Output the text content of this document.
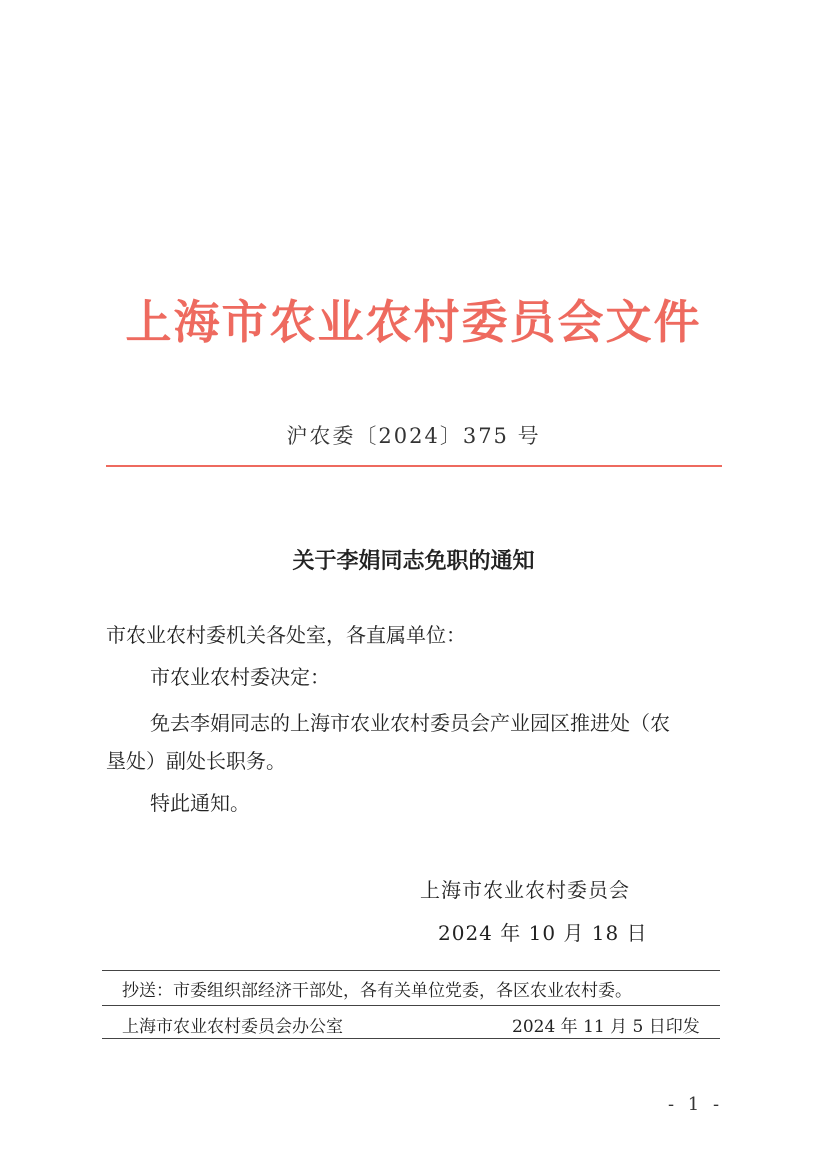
上海市农业农村委员会文件
沪农委〔2024〕375 号
关于李娟同志免职的通知
市农业农村委机关各处室，各直属单位：
市农业农村委决定：
免去李娟同志的上海市农业农村委员会产业园区推进处（农
垦处）副处长职务。
特此通知。
上海市农业农村委员会
2024 年 10 月 18 日
抄送：市委组织部经济干部处，各有关单位党委，各区农业农村委。
上海市农业农村委员会办公室	2024 年 11 月 5 日印发
- 1 -
